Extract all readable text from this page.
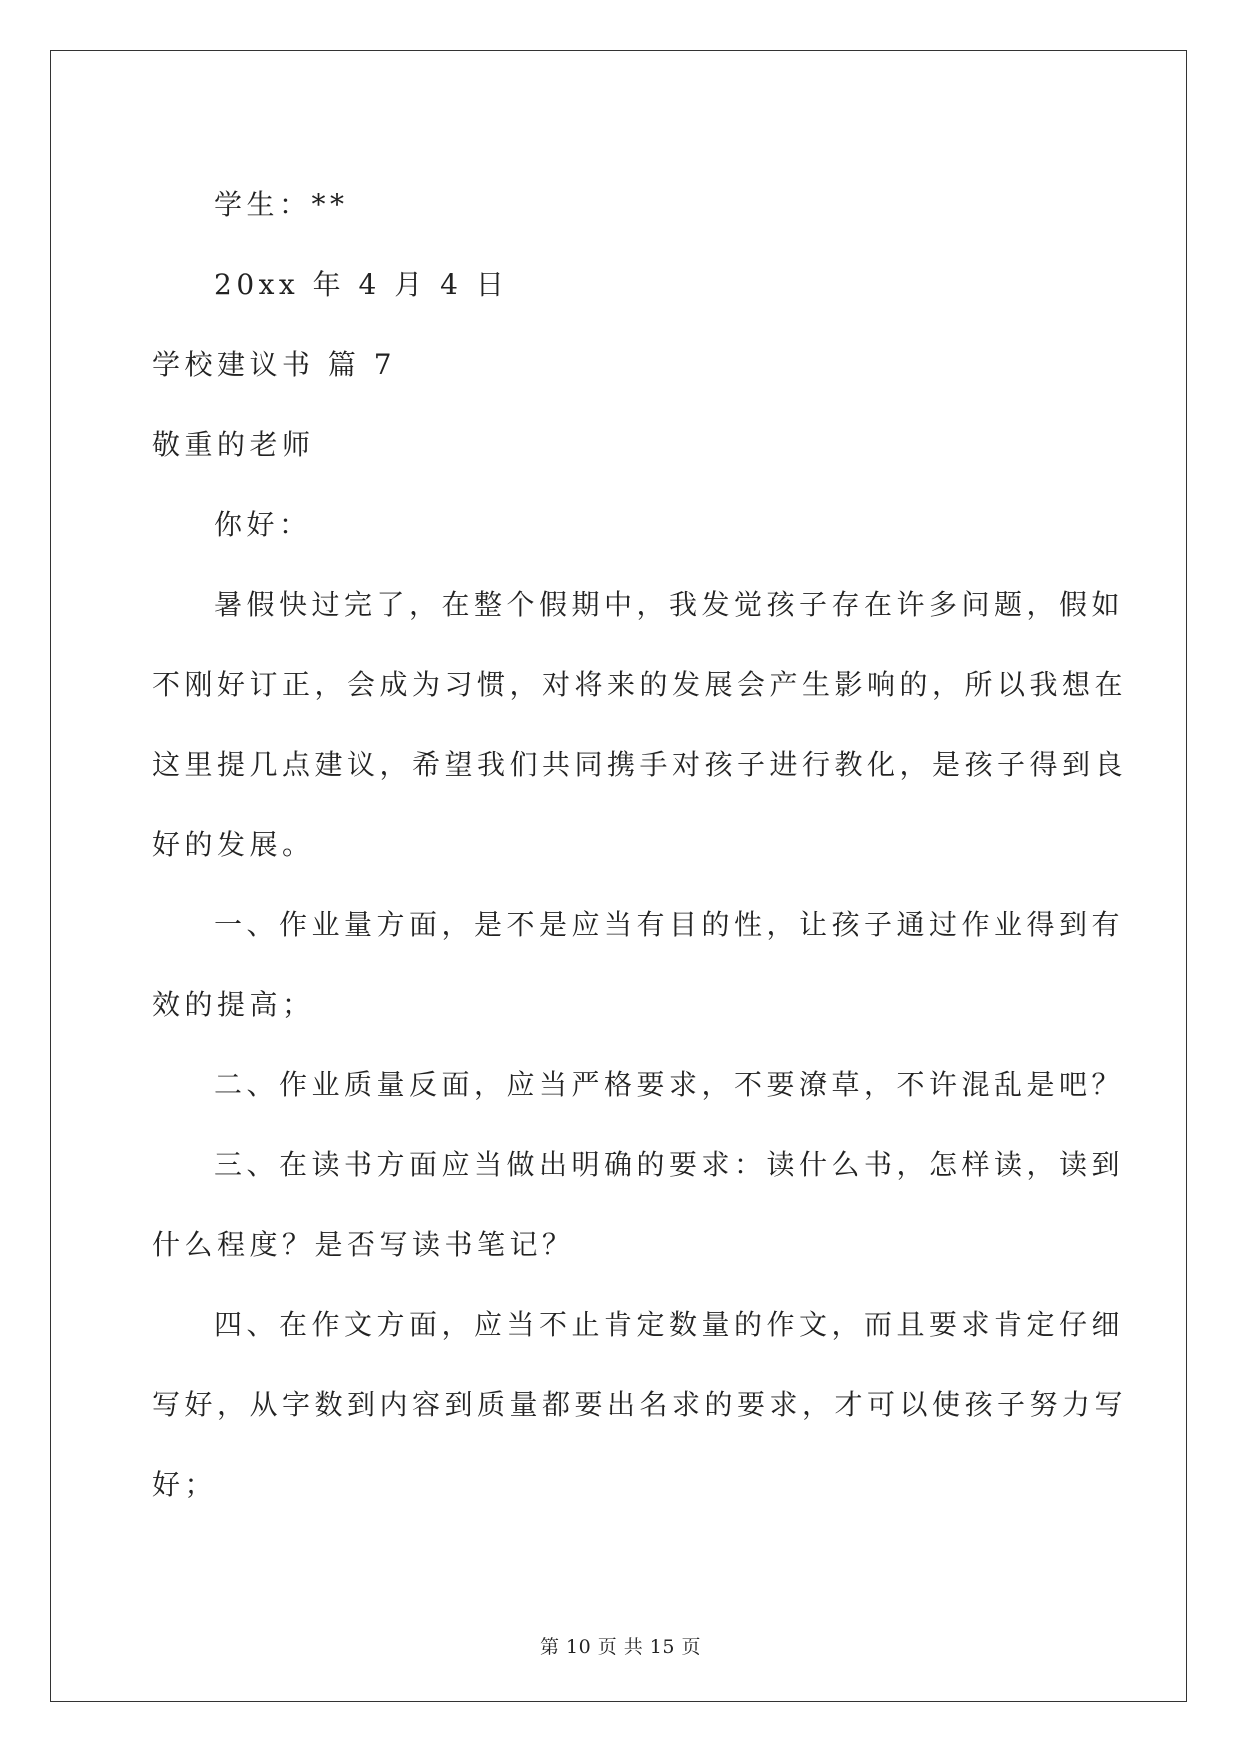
学生：**
20xx 年 4 月 4 日
学校建议书 篇 7
敬重的老师
你好：
暑假快过完了，在整个假期中，我发觉孩子存在许多问题，假如
不刚好订正，会成为习惯，对将来的发展会产生影响的，所以我想在
这里提几点建议，希望我们共同携手对孩子进行教化，是孩子得到良
好的发展。
一、作业量方面，是不是应当有目的性，让孩子通过作业得到有
效的提高；
二、作业质量反面，应当严格要求，不要潦草，不许混乱是吧？
三、在读书方面应当做出明确的要求：读什么书，怎样读，读到
什么程度？是否写读书笔记？
四、在作文方面，应当不止肯定数量的作文，而且要求肯定仔细
写好，从字数到内容到质量都要出名求的要求，才可以使孩子努力写
好；
第 10 页 共 15 页
